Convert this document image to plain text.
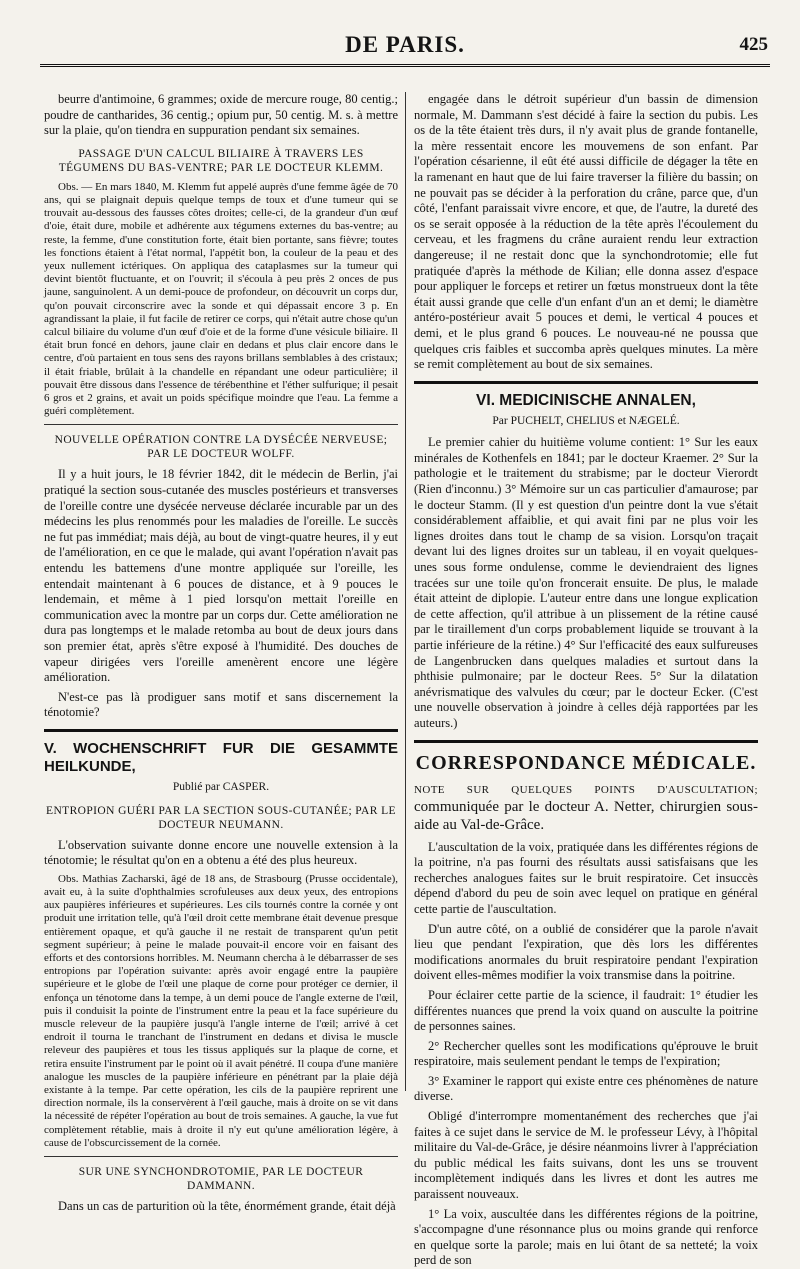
DE PARIS.	425

beurre d'antimoine, 6 grammes; oxide de mercure rouge, 80 centig.; poudre de cantharides, 36 centig.; opium pur, 50 centig. M. s. à mettre sur la plaie, qu'on tiendra en suppuration pendant six semaines.

PASSAGE D'UN CALCUL BILIAIRE À TRAVERS LES TÉGUMENS DU BAS-VENTRE; PAR LE DOCTEUR KLEMM.

Obs. — En mars 1840, M. Klemm fut appelé auprès d'une femme âgée de 70 ans, qui se plaignait depuis quelque temps de toux et d'une tumeur qui se trouvait au-dessous des fausses côtes droites; celle-ci, de la grandeur d'un œuf d'oie, était dure, mobile et adhérente aux tégumens externes du bas-ventre; au reste, la femme, d'une constitution forte, était bien portante, sans fièvre; toutes les fonctions étaient à l'état normal, l'appétit bon, la couleur de la peau et des yeux nullement ictériques. On appliqua des cataplasmes sur la tumeur qui devint bientôt fluctuante, et on l'ouvrit; il s'écoula à peu près 2 onces de pus jaune, sanguinolent. A un demi-pouce de profondeur, on découvrit un corps dur, qu'on pouvait circonscrire avec la sonde et qui dépassait encore 3 p. En agrandissant la plaie, il fut facile de retirer ce corps, qui n'était autre chose qu'un calcul biliaire du volume d'un œuf d'oie et de la forme d'une vésicule biliaire. Il était brun foncé en dehors, jaune clair en dedans et plus clair encore dans le centre, d'où partaient en tous sens des rayons brillans semblables à des cristaux; il était friable, brûlait à la chandelle en répandant une odeur particulière; il pouvait être dissous dans l'essence de térébenthine et l'éther sulfurique; il pesait 6 gros et 2 grains, et avait un poids spécifique moindre que l'eau. La femme a guéri complètement.

NOUVELLE OPÉRATION CONTRE LA DYSÉCÉE NERVEUSE; PAR LE DOCTEUR WOLFF.

Il y a huit jours, le 18 février 1842, dit le médecin de Berlin, j'ai pratiqué la section sous-cutanée des muscles postérieurs et transverses de l'oreille contre une dysécée nerveuse déclarée incurable par un des médecins les plus renommés pour les maladies de l'oreille. Le succès ne fut pas immédiat; mais déjà, au bout de vingt-quatre heures, il y eut de l'amélioration, en ce que le malade, qui avant l'opération n'avait pas entendu les battemens d'une montre appliquée sur l'oreille, les entendait maintenant à 6 pouces de distance, et à 9 pouces le lendemain, et même à 1 pied lorsqu'on mettait l'oreille en communication avec la montre par un corps dur. Cette amélioration ne dura pas longtemps et le malade retomba au bout de deux jours dans son premier état, après s'être exposé à l'humidité. Des douches de vapeur dirigées vers l'oreille amenèrent encore une légère amélioration.

N'est-ce pas là prodiguer sans motif et sans discernement la ténotomie?

V. WOCHENSCHRIFT FUR DIE GESAMMTE HEILKUNDE,

Publié par CASPER.

ENTROPION GUÉRI PAR LA SECTION SOUS-CUTANÉE; PAR LE DOCTEUR NEUMANN.

L'observation suivante donne encore une nouvelle extension à la ténotomie; le résultat qu'on en a obtenu a été des plus heureux.

Obs. Mathias Zacharski, âgé de 18 ans, de Strasbourg (Prusse occidentale), avait eu, à la suite d'ophthalmies scrofuleuses aux deux yeux, des entropions aux paupières inférieures et supérieures. Les cils tournés contre la cornée y ont produit une irritation telle, qu'à l'œil droit cette membrane était devenue presque entièrement opaque, et qu'à gauche il ne restait de transparent qu'un petit segment supérieur; à peine le malade pouvait-il encore voir en faisant des efforts et des contorsions horribles. M. Neumann chercha à le débarrasser de ses entropions par l'opération suivante: après avoir engagé entre la paupière supérieure et le globe de l'œil une plaque de corne pour protéger ce dernier, il enfonça un ténotome dans la tempe, à un demi pouce de l'angle externe de l'œil, puis il conduisit la pointe de l'instrument entre la peau et la face supérieure du muscle releveur de la paupière jusqu'à l'angle interne de l'œil; arrivé à cet endroit il tourna le tranchant de l'instrument en dedans et divisa le muscle releveur des paupières et tous les tissus appliqués sur la plaque de corne, et retira ensuite l'instrument par le point où il avait pénétré. Il coupa d'une manière analogue les muscles de la paupière inférieure en pénétrant par la plaie déjà existante à la tempe. Par cette opération, les cils de la paupière reprirent une direction normale, ils la conservèrent à l'œil gauche, mais à droite on se vit dans la nécessité de répéter l'opération au bout de trois semaines. A gauche, la vue fut complètement rétablie, mais à droite il n'y eut qu'une amélioration légère, à cause de l'obscurcissement de la cornée.

SUR UNE SYNCHONDROTOMIE, PAR LE DOCTEUR DAMMANN.

Dans un cas de parturition où la tête, énormément grande, était déjà

engagée dans le détroit supérieur d'un bassin de dimension normale, M. Dammann s'est décidé à faire la section du pubis. Les os de la tête étaient très durs, il n'y avait plus de grande fontanelle, la mère ressentait encore les mouvemens de son enfant. Par l'opération césarienne, il eût été aussi difficile de dégager la tête en la ramenant en haut que de lui faire traverser la filière du bassin; on ne pouvait pas se décider à la perforation du crâne, parce que, d'un côté, l'enfant paraissait vivre encore, et que, de l'autre, la dureté des os se serait opposée à la réduction de la tête après l'écoulement du cerveau, et les fragmens du crâne auraient rendu leur extraction dangereuse; il ne restait donc que la synchondrotomie; elle fut pratiquée d'après la méthode de Kilian; elle donna assez d'espace pour appliquer le forceps et retirer un fœtus monstrueux dont la tête était aussi grande que celle d'un enfant d'un an et demi; le diamètre antéro-postérieur avait 5 pouces et demi, le vertical 4 pouces et demi, et le plus grand 6 pouces. Le nouveau-né ne poussa que quelques cris faibles et succomba après quelques minutes. La mère se remit complètement au bout de six semaines.

VI. MEDICINISCHE ANNALEN,

Par PUCHELT, CHELIUS et NÆGELÉ.

Le premier cahier du huitième volume contient: 1° Sur les eaux minérales de Kothenfels en 1841; par le docteur Kraemer. 2° Sur la pathologie et le traitement du strabisme; par le docteur Vierordt (Rien d'inconnu.) 3° Mémoire sur un cas particulier d'amaurose; par le docteur Stamm. (Il y est question d'un peintre dont la vue s'était considérablement affaiblie, et qui avait fini par ne plus voir les lignes droites dans tout le champ de sa vision. Lorsqu'on traçait devant lui des lignes droites sur un tableau, il en voyait quelques-unes sous forme ondulense, comme le deviendraient des lignes tracées sur une toile qu'on froncerait ensuite. De plus, le malade était atteint de diplopie. L'auteur entre dans une longue explication de cette affection, qu'il attribue à un plissement de la rétine causé par le tiraillement d'un corps probablement liquide se trouvant à la partie inférieure de la rétine.) 4° Sur l'efficacité des eaux sulfureuses de Langenbrucken dans quelques maladies et surtout dans la phthisie pulmonaire; par le docteur Rees. 5° Sur la dilatation anévrismatique des valvules du cœur; par le docteur Ecker. (C'est une nouvelle observation à joindre à celles déjà rapportées par les auteurs.)

CORRESPONDANCE MÉDICALE.

NOTE SUR QUELQUES POINTS D'AUSCULTATION; communiquée par le docteur A. Netter, chirurgien sous-aide au Val-de-Grâce.

L'auscultation de la voix, pratiquée dans les différentes régions de la poitrine, n'a pas fourni des résultats aussi satisfaisans que les recherches analogues faites sur le bruit respiratoire. Cet insuccès dépend d'abord du peu de soin avec lequel on pratique en général cette partie de l'auscultation.

D'un autre côté, on a oublié de considérer que la parole n'avait lieu que pendant l'expiration, que dès lors les différentes modifications anormales du bruit respiratoire pendant l'expiration doivent elles-mêmes modifier la voix transmise dans la poitrine.

Pour éclairer cette partie de la science, il faudrait: 1° étudier les différentes nuances que prend la voix quand on ausculte la poitrine de personnes saines.

2° Rechercher quelles sont les modifications qu'éprouve le bruit respiratoire, mais seulement pendant le temps de l'expiration;

3° Examiner le rapport qui existe entre ces phénomènes de nature diverse.

Obligé d'interrompre momentanément des recherches que j'ai faites à ce sujet dans le service de M. le professeur Lévy, à l'hôpital militaire du Val-de-Grâce, je désire néanmoins livrer à l'appréciation du public médical les faits suivans, dont les uns se trouvent incomplètement indiqués dans les livres et dont les autres me paraissent nouveaux.

1° La voix, auscultée dans les différentes régions de la poitrine, s'accompagne d'une résonnance plus ou moins grande qui renforce en quelque sorte la parole; mais en lui ôtant de sa netteté; la voix perd de son
